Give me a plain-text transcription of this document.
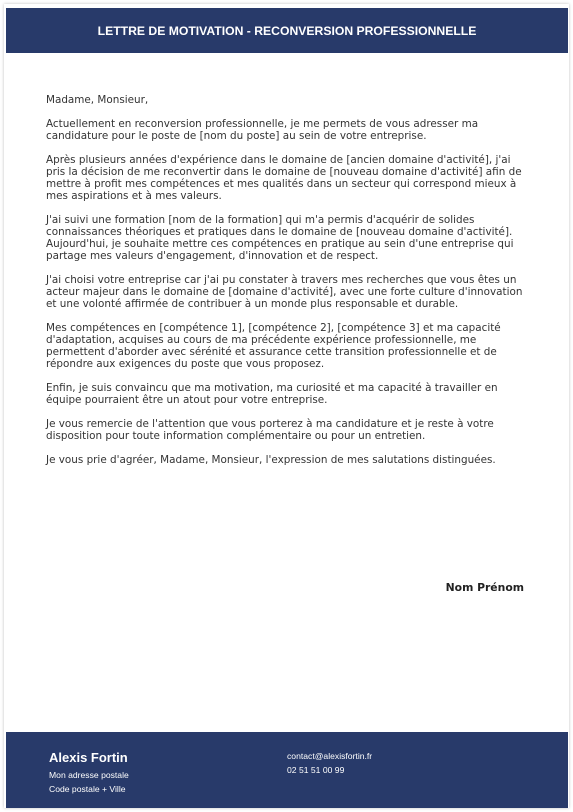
LETTRE DE MOTIVATION - RECONVERSION PROFESSIONNELLE

Madame, Monsieur,

Actuellement en reconversion professionnelle, je me permets de vous adresser ma candidature pour le poste de [nom du poste] au sein de votre entreprise.

Après plusieurs années d'expérience dans le domaine de [ancien domaine d'activité], j'ai pris la décision de me reconvertir dans le domaine de [nouveau domaine d'activité] afin de mettre à profit mes compétences et mes qualités dans un secteur qui correspond mieux à mes aspirations et à mes valeurs.

J'ai suivi une formation [nom de la formation] qui m'a permis d'acquérir de solides connaissances théoriques et pratiques dans le domaine de [nouveau domaine d'activité]. Aujourd'hui, je souhaite mettre ces compétences en pratique au sein d'une entreprise qui partage mes valeurs d'engagement, d'innovation et de respect.

J'ai choisi votre entreprise car j'ai pu constater à travers mes recherches que vous êtes un acteur majeur dans le domaine de [domaine d'activité], avec une forte culture d'innovation et une volonté affirmée de contribuer à un monde plus responsable et durable.

Mes compétences en [compétence 1], [compétence 2], [compétence 3] et ma capacité d'adaptation, acquises au cours de ma précédente expérience professionnelle, me permettent d'aborder avec sérénité et assurance cette transition professionnelle et de répondre aux exigences du poste que vous proposez.

Enfin, je suis convaincu que ma motivation, ma curiosité et ma capacité à travailler en équipe pourraient être un atout pour votre entreprise.

Je vous remercie de l'attention que vous porterez à ma candidature et je reste à votre disposition pour toute information complémentaire ou pour un entretien.

Je vous prie d'agréer, Madame, Monsieur, l'expression de mes salutations distinguées.

Nom Prénom
Alexis Fortin
Mon adresse postale
Code postale + Ville
contact@alexisfortin.fr
02 51 51 00 99
